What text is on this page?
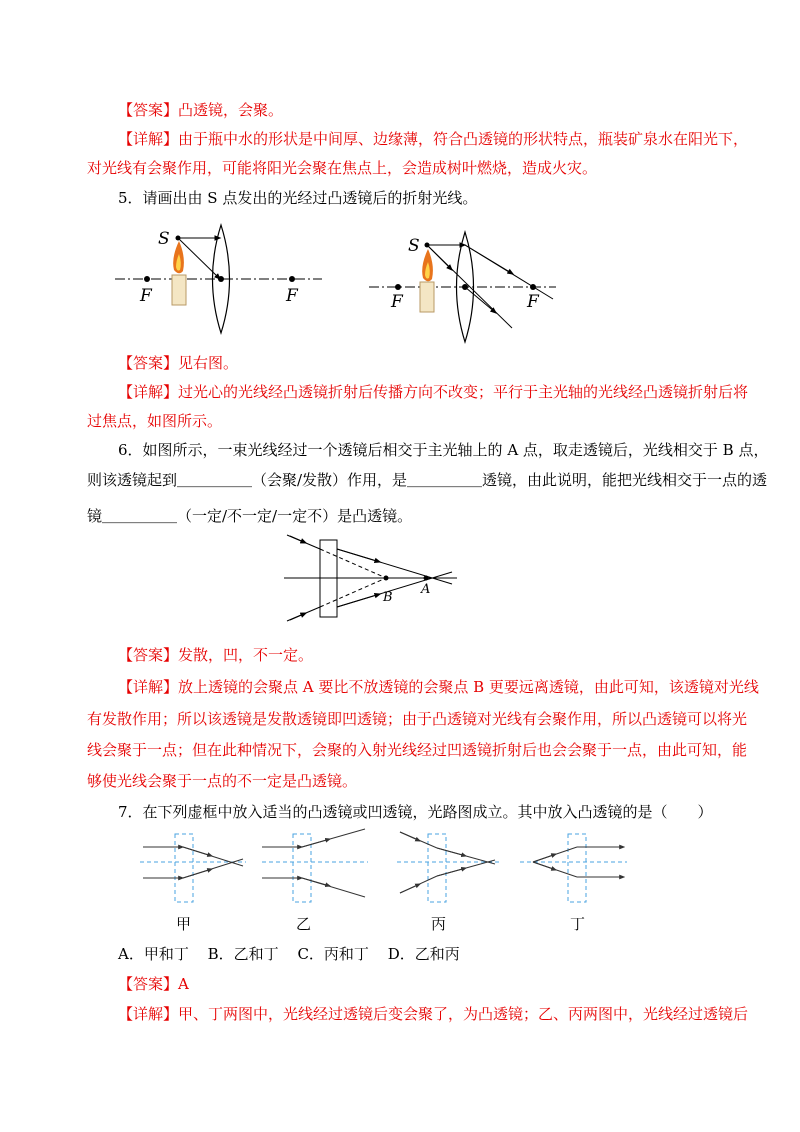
【答案】凸透镜，会聚。
【详解】由于瓶中水的形状是中间厚、边缘薄，符合凸透镜的形状特点，瓶装矿泉水在阳光下，
对光线有会聚作用，可能将阳光会聚在焦点上，会造成树叶燃烧，造成火灾。
5．请画出由 S 点发出的光经过凸透镜后的折射光线。
S
F	F
S
F	F
【答案】见右图。
【详解】过光心的光线经凸透镜折射后传播方向不改变；平行于主光轴的光线经凸透镜折射后将
过焦点，如图所示。
6．如图所示，一束光线经过一个透镜后相交于主光轴上的 A 点，取走透镜后，光线相交于 B 点，
则该透镜起到＿＿＿＿＿（会聚/发散）作用，是＿＿＿＿＿透镜，由此说明，能把光线相交于一点的透
镜＿＿＿＿＿（一定/不一定/一定不）是凸透镜。
B
A
【答案】发散，凹，不一定。
【详解】放上透镜的会聚点 A 要比不放透镜的会聚点 B 更要远离透镜，由此可知，该透镜对光线
有发散作用；所以该透镜是发散透镜即凹透镜；由于凸透镜对光线有会聚作用，所以凸透镜可以将光
线会聚于一点；但在此种情况下，会聚的入射光线经过凹透镜折射后也会会聚于一点，由此可知，能
够使光线会聚于一点的不一定是凸透镜。
7．在下列虚框中放入适当的凸透镜或凹透镜，光路图成立。其中放入凸透镜的是（　　）
甲	乙	丙	丁
A．甲和丁 B．乙和丁 C．丙和丁 D．乙和丙
【答案】A
【详解】甲、丁两图中，光线经过透镜后变会聚了，为凸透镜；乙、丙两图中，光线经过透镜后
